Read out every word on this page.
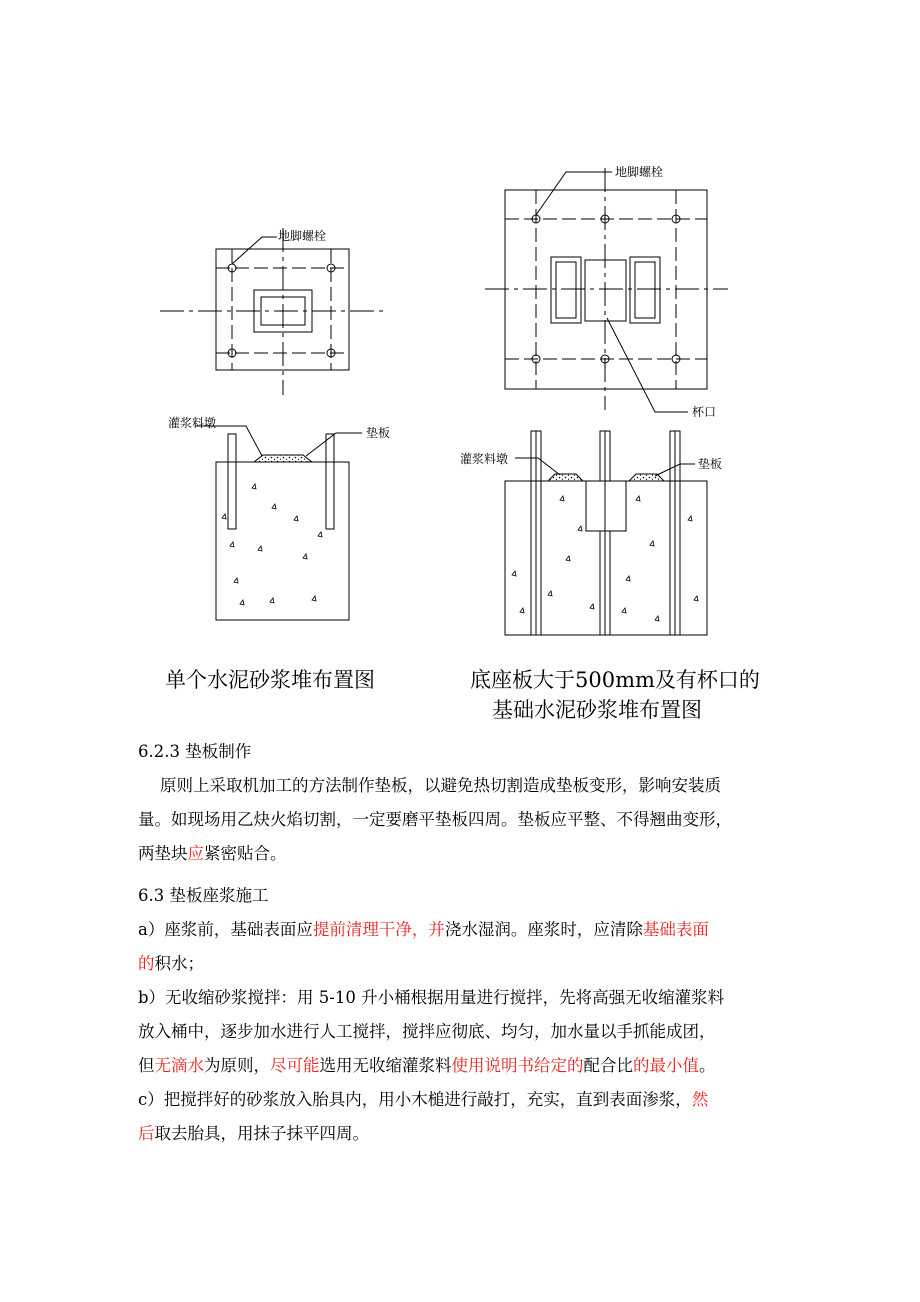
地脚螺栓
灌浆料墩
垫板
地脚螺栓
杯口
灌浆料墩	垫板
单个水泥砂浆堆布置图	底座板大于500mm及有杯口的
基础水泥砂浆堆布置图
6.2.3 垫板制作
原则上采取机加工的方法制作垫板，以避免热切割造成垫板变形，影响安装质
量。如现场用乙炔火焰切割，一定要磨平垫板四周。垫板应平整、不得翘曲变形，
两垫块应紧密贴合。
6.3 垫板座浆施工
a）座浆前，基础表面应提前清理干净，并浇水湿润。座浆时，应清除基础表面
的积水；
b）无收缩砂浆搅拌：用 5-10 升小桶根据用量进行搅拌，先将高强无收缩灌浆料
放入桶中，逐步加水进行人工搅拌，搅拌应彻底、均匀，加水量以手抓能成团，
但无滴水为原则，尽可能选用无收缩灌浆料使用说明书给定的配合比的最小值。
c）把搅拌好的砂浆放入胎具内，用小木槌进行敲打，充实，直到表面渗浆，然
后取去胎具，用抹子抹平四周。
